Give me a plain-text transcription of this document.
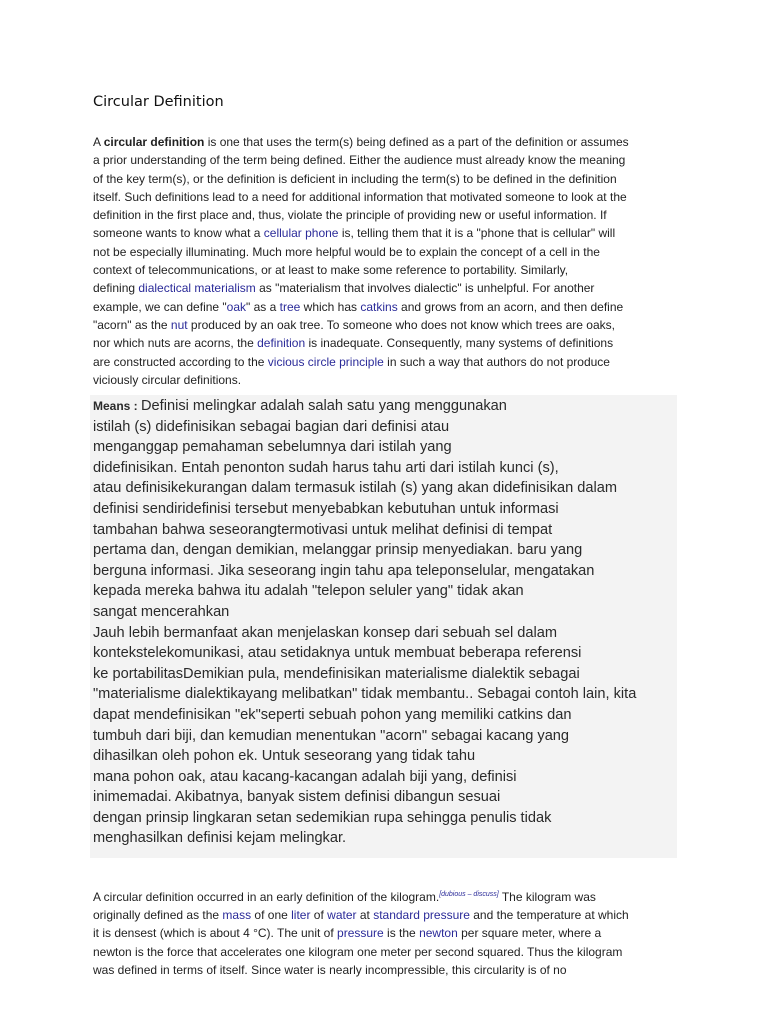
Circular Definition
A circular definition is one that uses the term(s) being defined as a part of the definition or assumes
a prior understanding of the term being defined. Either the audience must already know the meaning
of the key term(s), or the definition is deficient in including the term(s) to be defined in the definition
itself. Such definitions lead to a need for additional information that motivated someone to look at the
definition in the first place and, thus, violate the principle of providing new or useful information. If
someone wants to know what a cellular phone is, telling them that it is a "phone that is cellular" will
not be especially illuminating. Much more helpful would be to explain the concept of a cell in the
context of telecommunications, or at least to make some reference to portability. Similarly,
defining dialectical materialism as "materialism that involves dialectic" is unhelpful. For another
example, we can define "oak" as a tree which has catkins and grows from an acorn, and then define
"acorn" as the nut produced by an oak tree. To someone who does not know which trees are oaks,
nor which nuts are acorns, the definition is inadequate. Consequently, many systems of definitions
are constructed according to the vicious circle principle in such a way that authors do not produce
viciously circular definitions.
Means : Definisi melingkar adalah salah satu yang menggunakan
istilah (s) didefinisikan sebagai bagian dari definisi atau
menganggap pemahaman sebelumnya dari istilah yang
didefinisikan. Entah penonton sudah harus tahu arti dari istilah kunci (s),
atau definisikekurangan dalam termasuk istilah (s) yang akan didefinisikan dalam
definisi sendiridefinisi tersebut menyebabkan kebutuhan untuk informasi
tambahan bahwa seseorangtermotivasi untuk melihat definisi di tempat
pertama dan, dengan demikian, melanggar prinsip menyediakan. baru yang
berguna informasi. Jika seseorang ingin tahu apa teleponselular, mengatakan
kepada mereka bahwa itu adalah "telepon seluler yang" tidak akan
sangat mencerahkan
Jauh lebih bermanfaat akan menjelaskan konsep dari sebuah sel dalam
kontekstelekomunikasi, atau setidaknya untuk membuat beberapa referensi
ke portabilitasDemikian pula, mendefinisikan materialisme dialektik sebagai
"materialisme dialektikayang melibatkan" tidak membantu.. Sebagai contoh lain, kita
dapat mendefinisikan "ek"seperti sebuah pohon yang memiliki catkins dan
tumbuh dari biji, dan kemudian menentukan "acorn" sebagai kacang yang
dihasilkan oleh pohon ek. Untuk seseorang yang tidak tahu
mana pohon oak, atau kacang-kacangan adalah biji yang, definisi
inimemadai. Akibatnya, banyak sistem definisi dibangun sesuai
dengan prinsip lingkaran setan sedemikian rupa sehingga penulis tidak
menghasilkan definisi kejam melingkar.
A circular definition occurred in an early definition of the kilogram.[dubious – discuss] The kilogram was
originally defined as the mass of one liter of water at standard pressure and the temperature at which
it is densest (which is about 4 °C). The unit of pressure is the newton per square meter, where a
newton is the force that accelerates one kilogram one meter per second squared. Thus the kilogram
was defined in terms of itself. Since water is nearly incompressible, this circularity is of no
